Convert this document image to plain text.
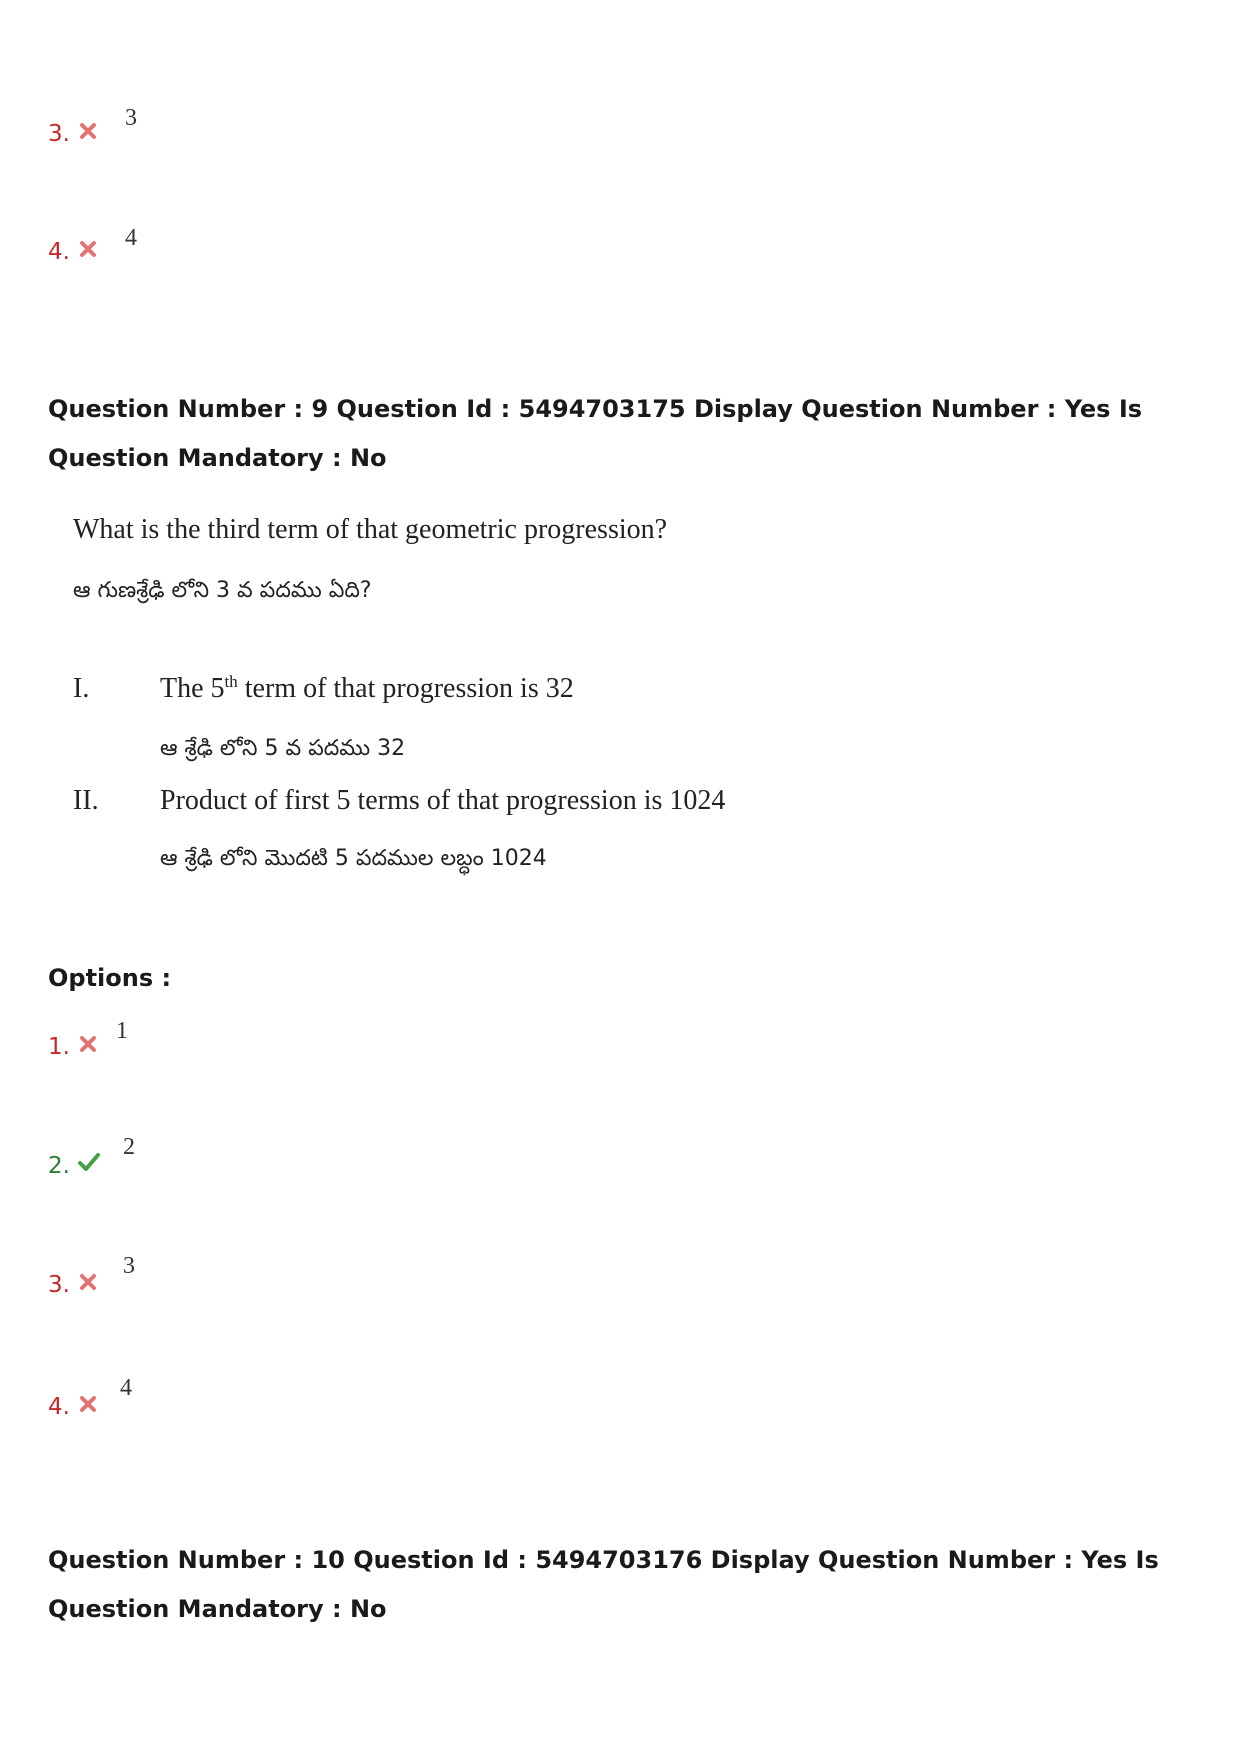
3.
3
4.
4
Question Number : 9 Question Id : 5494703175 Display Question Number : Yes Is Question Mandatory : No
What is the third term of that geometric progression?
ఆ గుణశ్రేఢి లోని 3 వ పదము ఏది?
I.	The 5th term of that progression is 32
ఆ శ్రేఢి లోని 5 వ పదము 32
II. Product of first 5 terms of that progression is 1024
ఆ శ్రేఢి లోని మొదటి 5 పదముల లబ్ధం 1024
Options :
1.
1
2.
2
3.
3
4.
4
Question Number : 10 Question Id : 5494703176 Display Question Number : Yes Is Question Mandatory : No
